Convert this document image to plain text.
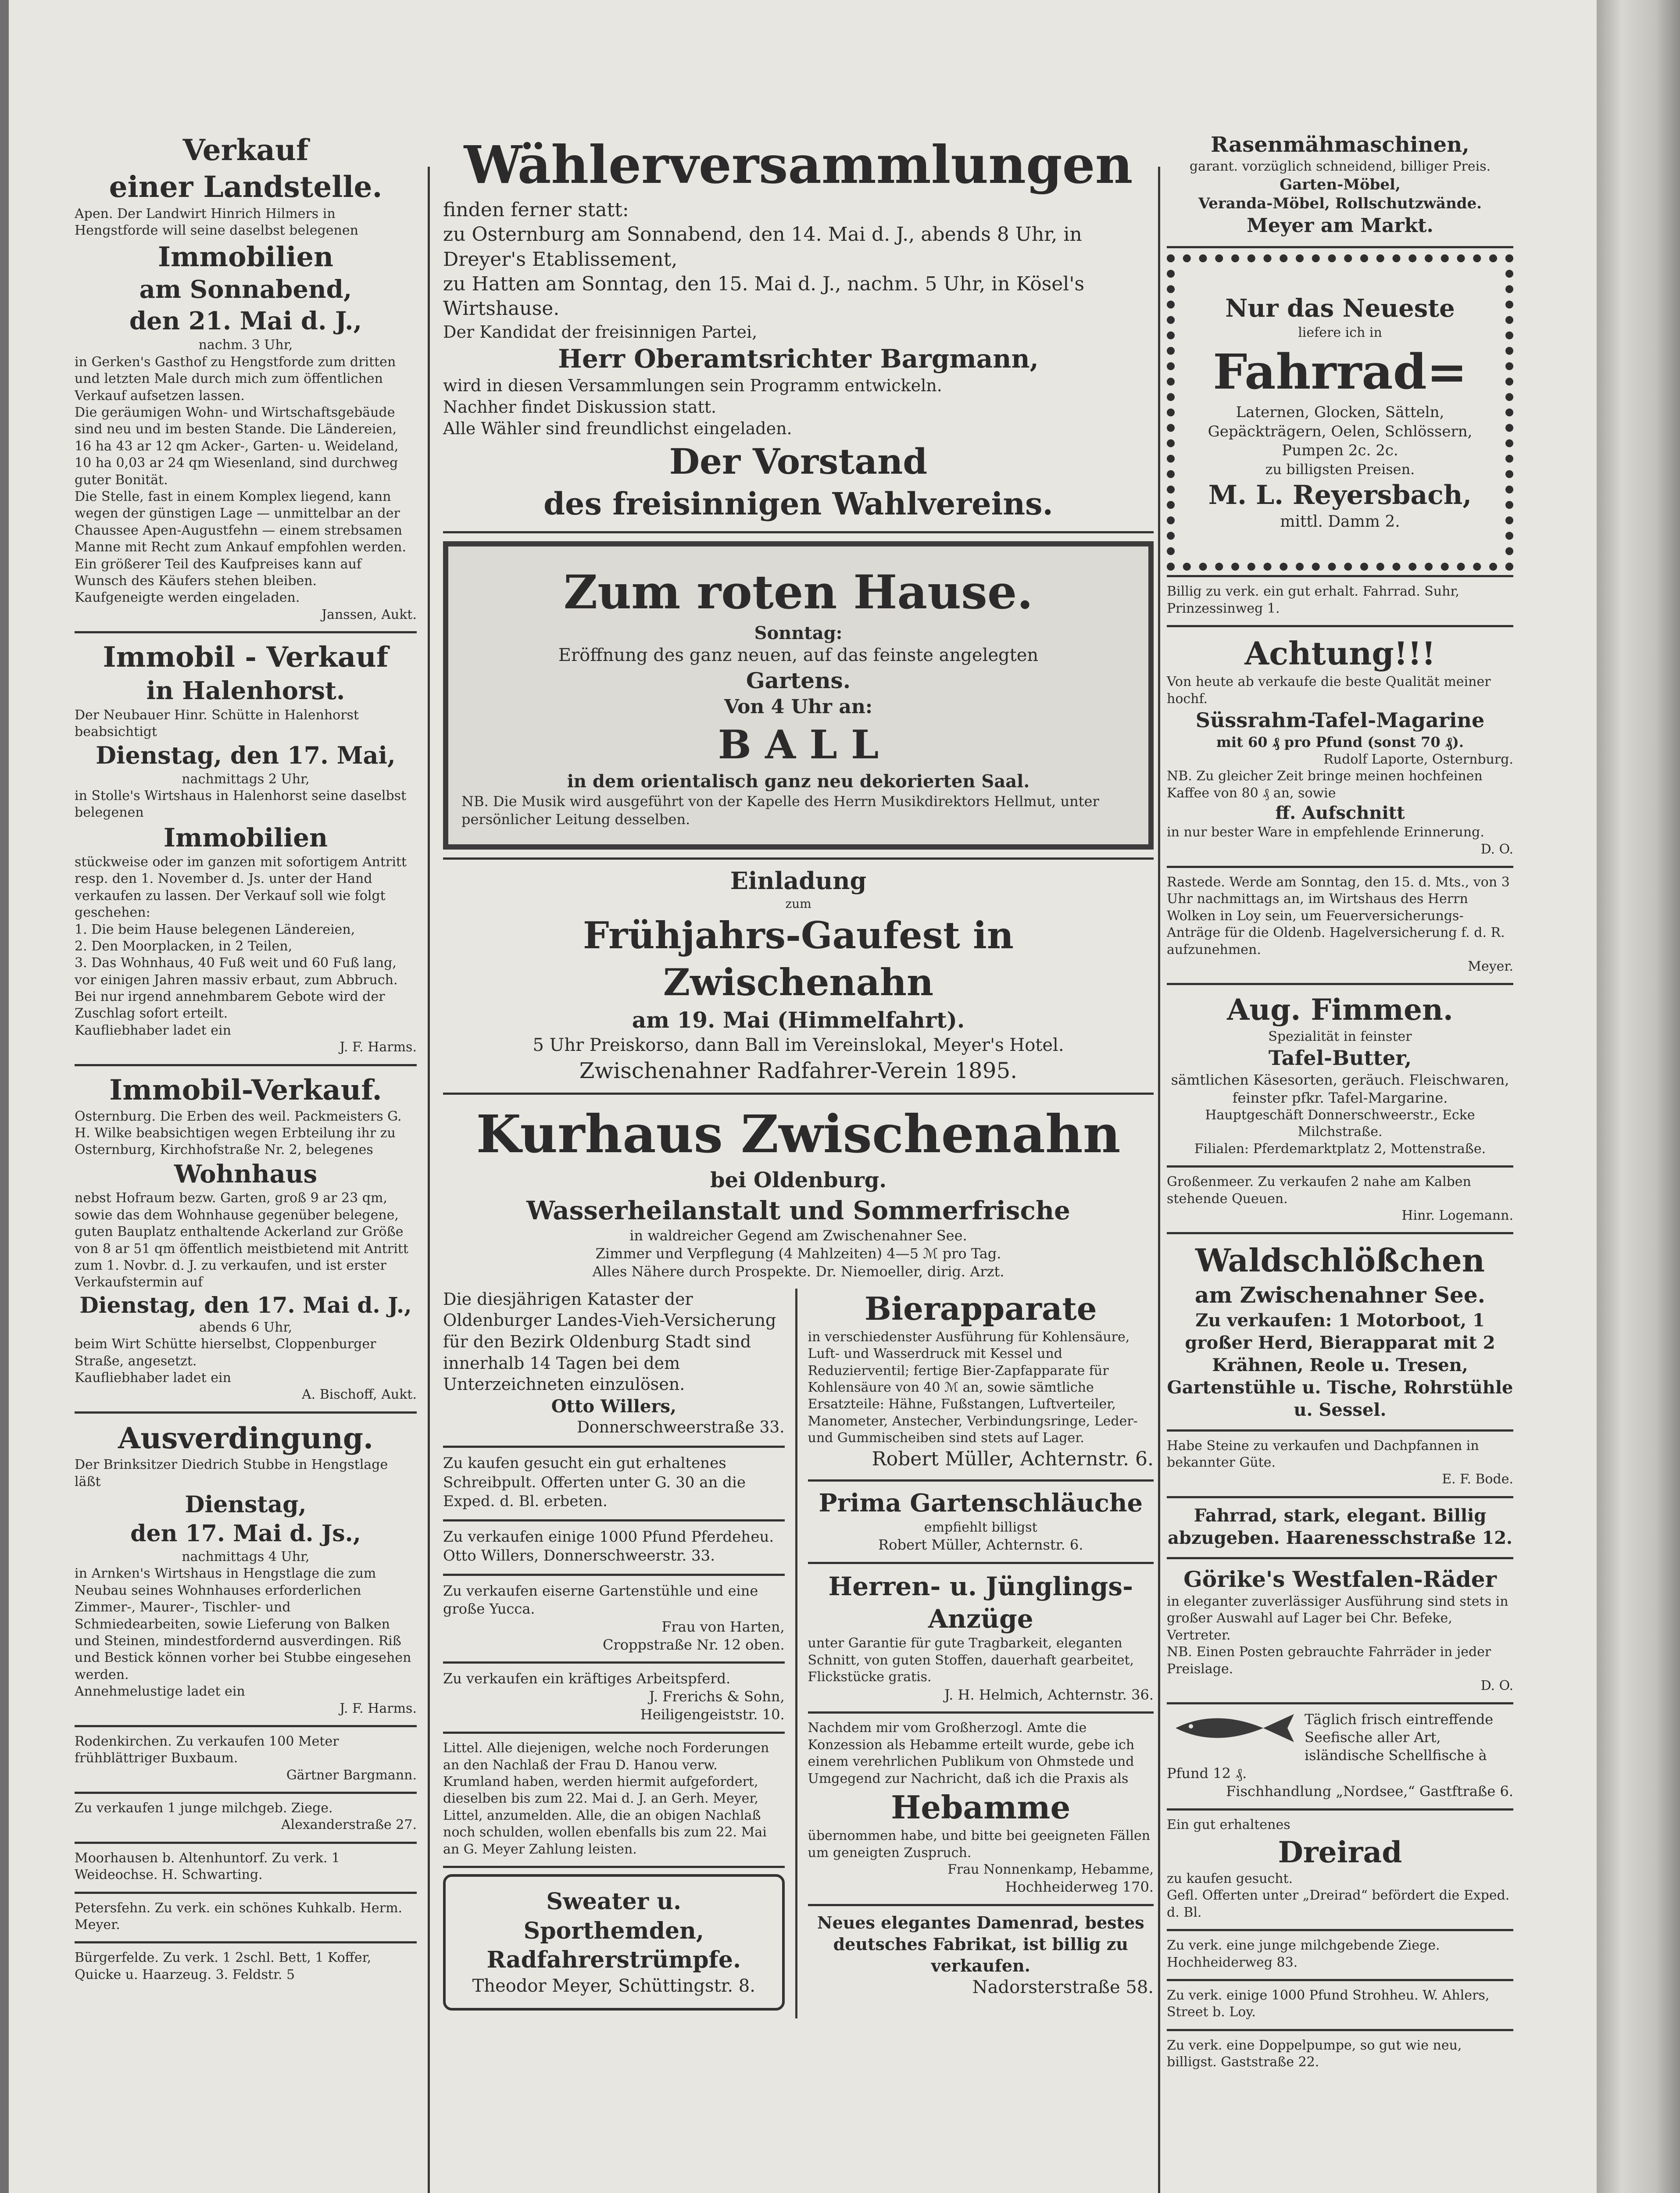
Verkauf

einer Landstelle.

Apen. Der Landwirt Hinrich Hilmers in Hengstforde will seine daselbst belegenen

Immobilien

am Sonnabend,

den 21. Mai d. J.,

nachm. 3 Uhr,

in Gerken's Gasthof zu Hengstforde zum dritten und letzten Male durch mich zum öffentlichen Verkauf aufsetzen lassen.

Die geräumigen Wohn- und Wirtschaftsgebäude sind neu und im besten Stande. Die Ländereien, 16 ha 43 ar 12 qm Acker-, Garten- u. Weideland, 10 ha 0,03 ar 24 qm Wiesenland, sind durchweg guter Bonität.

Die Stelle, fast in einem Komplex liegend, kann wegen der günstigen Lage — unmittelbar an der Chaussee Apen-Augustfehn — einem strebsamen Manne mit Recht zum Ankauf empfohlen werden.

Ein größerer Teil des Kaufpreises kann auf Wunsch des Käufers stehen bleiben.

Kaufgeneigte werden eingeladen.

Janssen, Aukt.

Immobil - Verkauf

in Halenhorst.

Der Neubauer Hinr. Schütte in Halenhorst beabsichtigt

Dienstag, den 17. Mai,

nachmittags 2 Uhr,

in Stolle's Wirtshaus in Halenhorst seine daselbst belegenen

Immobilien

stückweise oder im ganzen mit sofortigem Antritt resp. den 1. November d. Js. unter der Hand verkaufen zu lassen. Der Verkauf soll wie folgt geschehen:

1. Die beim Hause belegenen Ländereien,

2. Den Moorplacken, in 2 Teilen,

3. Das Wohnhaus, 40 Fuß weit und 60 Fuß lang, vor einigen Jahren massiv erbaut, zum Abbruch.

Bei nur irgend annehmbarem Gebote wird der Zuschlag sofort erteilt.

Kaufliebhaber ladet ein

J. F. Harms.

Immobil-Verkauf.

Osternburg. Die Erben des weil. Packmeisters G. H. Wilke beabsichtigen wegen Erbteilung ihr zu Osternburg, Kirchhofstraße Nr. 2, belegenes

Wohnhaus

nebst Hofraum bezw. Garten, groß 9 ar 23 qm, sowie das dem Wohnhause gegenüber belegene, guten Bauplatz enthaltende Ackerland zur Größe von 8 ar 51 qm öffentlich meistbietend mit Antritt zum 1. Novbr. d. J. zu verkaufen, und ist erster Verkaufstermin auf

Dienstag, den 17. Mai d. J.,

abends 6 Uhr,

beim Wirt Schütte hierselbst, Cloppenburger Straße, angesetzt.

Kaufliebhaber ladet ein

A. Bischoff, Aukt.

Ausverdingung.

Der Brinksitzer Diedrich Stubbe in Hengstlage läßt

Dienstag,

den 17. Mai d. Js.,

nachmittags 4 Uhr,

in Arnken's Wirtshaus in Hengstlage die zum Neubau seines Wohnhauses erforderlichen Zimmer-, Maurer-, Tischler- und Schmiedearbeiten, sowie Lieferung von Balken und Steinen, mindestfordernd ausverdingen. Riß und Bestick können vorher bei Stubbe eingesehen werden.

Annehmelustige ladet ein

J. F. Harms.

Rodenkirchen. Zu verkaufen 100 Meter frühblättriger Buxbaum.

Gärtner Bargmann.

Zu verkaufen 1 junge milchgeb. Ziege.

Alexanderstraße 27.

Moorhausen b. Altenhuntorf. Zu verk. 1 Weideochse. H. Schwarting.

Petersfehn. Zu verk. ein schönes Kuhkalb. Herm. Meyer.

Bürgerfelde. Zu verk. 1 2schl. Bett, 1 Koffer, Quicke u. Haarzeug. 3. Feldstr. 5

Wählerversammlungen

finden ferner statt:

zu Osternburg am Sonnabend, den 14. Mai d. J., abends 8 Uhr, in Dreyer's Etablissement,

zu Hatten am Sonntag, den 15. Mai d. J., nachm. 5 Uhr, in Kösel's Wirtshause.

Der Kandidat der freisinnigen Partei,

Herr Oberamtsrichter Bargmann,

wird in diesen Versammlungen sein Programm entwickeln.

Nachher findet Diskussion statt.

Alle Wähler sind freundlichst eingeladen.

Der Vorstand

des freisinnigen Wahlvereins.

Zum roten Hause.

Sonntag:

Eröffnung des ganz neuen, auf das feinste angelegten

Gartens.

Von 4 Uhr an:

B A L L

in dem orientalisch ganz neu dekorierten Saal.

NB. Die Musik wird ausgeführt von der Kapelle des Herrn Musikdirektors Hellmut, unter persönlicher Leitung desselben.

Einladung

zum

Frühjahrs-Gaufest in Zwischenahn

am 19. Mai (Himmelfahrt).

5 Uhr Preiskorso, dann Ball im Vereinslokal, Meyer's Hotel.

Zwischenahner Radfahrer-Verein 1895.

Kurhaus Zwischenahn

bei Oldenburg.

Wasserheilanstalt und Sommerfrische

in waldreicher Gegend am Zwischenahner See.

Zimmer und Verpflegung (4 Mahlzeiten) 4—5 ℳ pro Tag.

Alles Nähere durch Prospekte. Dr. Niemoeller, dirig. Arzt.

Die diesjährigen Kataster der Oldenburger Landes-Vieh-Versicherung für den Bezirk Oldenburg Stadt sind innerhalb 14 Tagen bei dem Unterzeichneten einzulösen.

Otto Willers,

Donnerschweerstraße 33.

Zu kaufen gesucht ein gut erhaltenes Schreibpult. Offerten unter G. 30 an die Exped. d. Bl. erbeten.

Zu verkaufen einige 1000 Pfund Pferdeheu. Otto Willers, Donnerschweerstr. 33.

Zu verkaufen eiserne Gartenstühle und eine große Yucca.

Frau von Harten,

Croppstraße Nr. 12 oben.

Zu verkaufen ein kräftiges Arbeitspferd.

J. Frerichs & Sohn,

Heiligengeiststr. 10.

Littel. Alle diejenigen, welche noch Forderungen an den Nachlaß der Frau D. Hanou verw. Krumland haben, werden hiermit aufgefordert, dieselben bis zum 22. Mai d. J. an Gerh. Meyer, Littel, anzumelden. Alle, die an obigen Nachlaß noch schulden, wollen ebenfalls bis zum 22. Mai an G. Meyer Zahlung leisten.

Sweater u. Sporthemden,

Radfahrerstrümpfe.

Theodor Meyer, Schüttingstr. 8.

Bierapparate

in verschiedenster Ausführung für Kohlensäure, Luft- und Wasserdruck mit Kessel und Reduzierventil; fertige Bier-Zapfapparate für Kohlensäure von 40 ℳ an, sowie sämtliche Ersatzteile: Hähne, Fußstangen, Luftverteiler, Manometer, Anstecher, Verbindungsringe, Leder- und Gummischeiben sind stets auf Lager.

Robert Müller, Achternstr. 6.

Prima Gartenschläuche

empfiehlt billigst

Robert Müller, Achternstr. 6.

Herren- u. Jünglings-

Anzüge

unter Garantie für gute Tragbarkeit, eleganten Schnitt, von guten Stoffen, dauerhaft gearbeitet, Flickstücke gratis.

J. H. Helmich, Achternstr. 36.

Nachdem mir vom Großherzogl. Amte die Konzession als Hebamme erteilt wurde, gebe ich einem verehrlichen Publikum von Ohmstede und Umgegend zur Nachricht, daß ich die Praxis als

Hebamme

übernommen habe, und bitte bei geeigneten Fällen um geneigten Zuspruch.

Frau Nonnenkamp, Hebamme,

Hochheiderweg 170.

Neues elegantes Damenrad, bestes deutsches Fabrikat, ist billig zu verkaufen.

Nadorsterstraße 58.

Rasenmähmaschinen,

garant. vorzüglich schneidend, billiger Preis.

Garten-Möbel,

Veranda-Möbel, Rollschutzwände.

Meyer am Markt.

Nur das Neueste

liefere ich in

Fahrrad=

Laternen, Glocken, Sätteln, Gepäckträgern, Oelen, Schlössern, Pumpen 2c. 2c.

zu billigsten Preisen.

M. L. Reyersbach,

mittl. Damm 2.

Billig zu verk. ein gut erhalt. Fahrrad. Suhr, Prinzessinweg 1.

Achtung!!!

Von heute ab verkaufe die beste Qualität meiner hochf.

Süssrahm-Tafel-Magarine

mit 60 ₰ pro Pfund (sonst 70 ₰).

Rudolf Laporte, Osternburg.

NB. Zu gleicher Zeit bringe meinen hochfeinen Kaffee von 80 ₰ an, sowie

ff. Aufschnitt

in nur bester Ware in empfehlende Erinnerung.

D. O.

Rastede. Werde am Sonntag, den 15. d. Mts., von 3 Uhr nachmittags an, im Wirtshaus des Herrn Wolken in Loy sein, um Feuerversicherungs-Anträge für die Oldenb. Hagelversicherung f. d. R. aufzunehmen.

Meyer.

Aug. Fimmen.

Spezialität in feinster

Tafel-Butter,

sämtlichen Käsesorten, geräuch. Fleischwaren, feinster pfkr. Tafel-Margarine.

Hauptgeschäft Donnerschweerstr., Ecke Milchstraße.

Filialen: Pferdemarktplatz 2, Mottenstraße.

Großenmeer. Zu verkaufen 2 nahe am Kalben stehende Queuen.

Hinr. Logemann.

Waldschlößchen

am Zwischenahner See.

Zu verkaufen: 1 Motorboot, 1 großer Herd, Bierapparat mit 2 Krähnen, Reole u. Tresen, Gartenstühle u. Tische, Rohrstühle u. Sessel.

Habe Steine zu verkaufen und Dachpfannen in bekannter Güte.

E. F. Bode.

Fahrrad, stark, elegant. Billig abzugeben. Haarenesschstraße 12.

Görike's Westfalen-Räder

in eleganter zuverlässiger Ausführung sind stets in großer Auswahl auf Lager bei Chr. Befeke, Vertreter.

NB. Einen Posten gebrauchte Fahrräder in jeder Preislage.

D. O.

Täglich frisch eintreffende Seefische aller Art, isländische Schellfische à Pfund 12 ₰.

Fischhandlung „Nordsee,“ Gastftraße 6.

Ein gut erhaltenes

Dreirad

zu kaufen gesucht.

Gefl. Offerten unter „Dreirad“ befördert die Exped. d. Bl.

Zu verk. eine junge milchgebende Ziege. Hochheiderweg 83.

Zu verk. einige 1000 Pfund Strohheu. W. Ahlers, Street b. Loy.

Zu verk. eine Doppelpumpe, so gut wie neu, billigst. Gaststraße 22.
